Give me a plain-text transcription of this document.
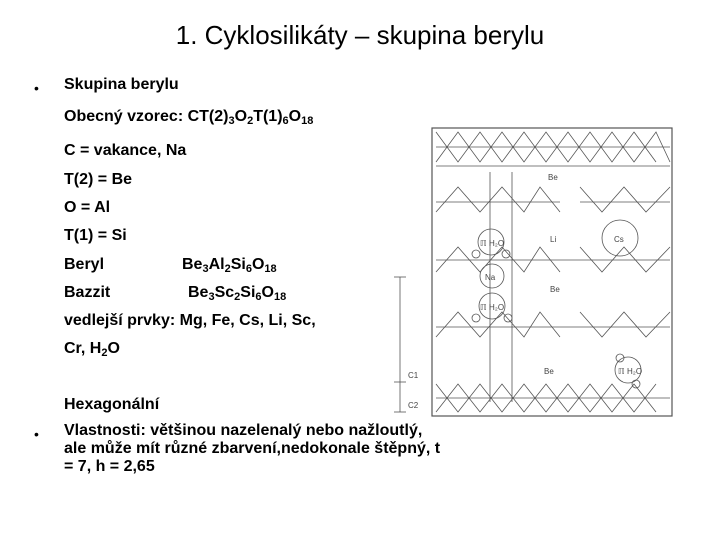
1. Cyklosilikáty – skupina berylu
• Skupina berylu
Obecný vzorec: $CT(2)_3O_2T(1)_6O_{18}$
C = vakance, Na
T(2) = Be
O = Al
T(1) = Si
Beryl	$Be_3Al_2Si_6O_{18}$
Bazzit	$Be_3Sc_2Si_6O_{18}$
vedlejší prvky: Mg, Fe, Cs, Li, Sc,
Cr, $H_2O$
Hexagonální
• Vlastnosti: většinou nazelenalý nebo nažloutlý, ale může mít různé zbarvení,nedokonale štěpný, t = 7, h = 2,65
Be
ℿ H₂O	Li	Cs
Na
ℿ H₂O
Be
Be	ℿ H₂O
C1
C2
